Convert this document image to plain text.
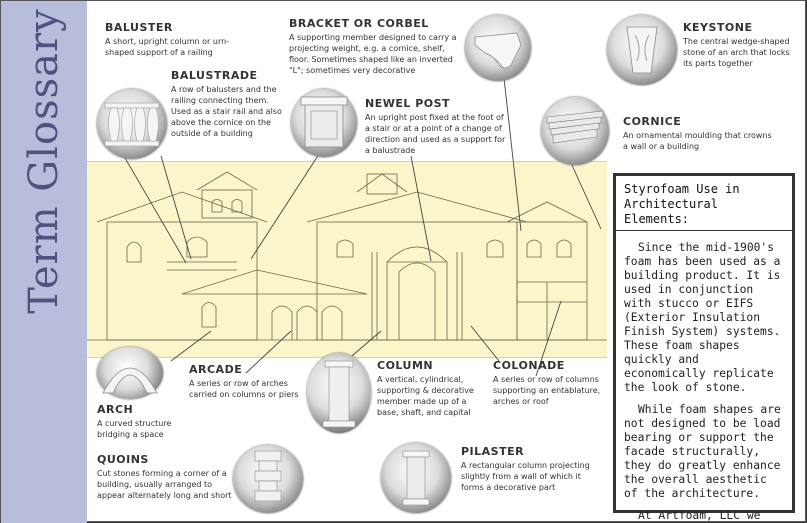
Term Glossary	BALUSTER
A short, upright column or urn-shaped support of a railing
BALUSTRADE
A row of balusters and the railing connecting them. Used as a stair rail and also above the cornice on the outside of a building
BRACKET OR CORBEL
A supporting member designed to carry a projecting weight, e.g. a cornice, shelf, floor. Sometimes shaped like an inverted "L"; sometimes very decorative
NEWEL POST
An upright post fixed at the foot of a stair or at a point of a change of direction and used as a support for a balustrade
KEYSTONE
The central wedge-shaped stone of an arch that locks its parts together
CORNICE
An ornamental moulding that crowns a wall or a building
ARCH
A curved structure bridging a space
ARCADE
A series or row of arches carried on columns or piers
COLUMN
A vertical, cylindrical, supporting & decorative member made up of a base, shaft, and capital
COLONADE
A series or row of columns supporting an entablature, arches or roof
QUOINS
Cut stones forming a corner of a building, usually arranged to appear alternately long and short
PILASTER
A rectangular column projecting slightly from a wall of which it forms a decorative part
Styrofoam Use in Architectural Elements:

Since the mid-1900's foam has been used as a building product. It is used in conjunction with stucco or EIFS (Exterior Insulation Finish System) systems. These foam shapes quickly and economically replicate the look of stone.

While foam shapes are not designed to be load bearing or support the facade structurally, they do greatly enhance the overall aesthetic of the architecture.

At Artfoam, LLC we
